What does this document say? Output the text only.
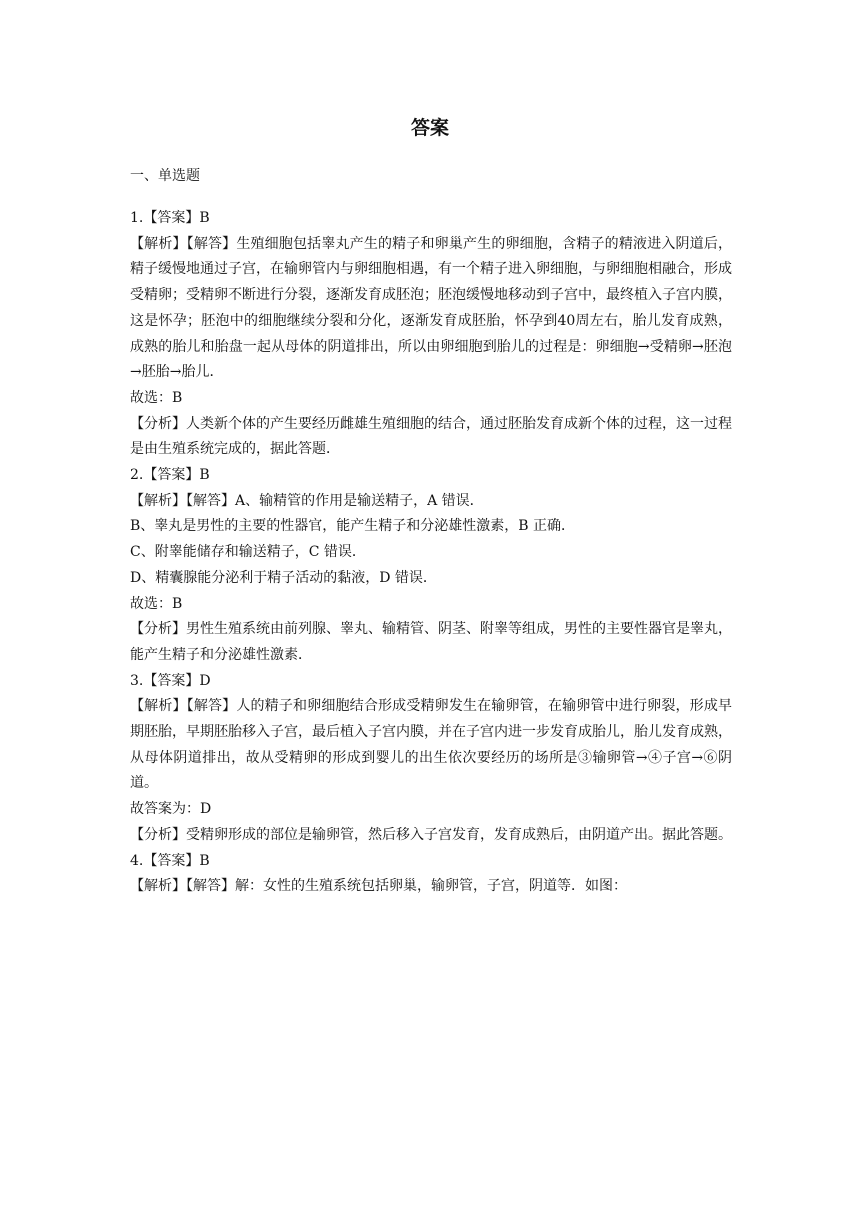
答案
一、单选题

1.【答案】B

【解析】【解答】生殖细胞包括睾丸产生的精子和卵巢产生的卵细胞，含精子的精液进入阴道后，精子缓慢地通过子宫，在输卵管内与卵细胞相遇，有一个精子进入卵细胞，与卵细胞相融合，形成受精卵；受精卵不断进行分裂，逐渐发育成胚泡；胚泡缓慢地移动到子宫中，最终植入子宫内膜，这是怀孕；胚泡中的细胞继续分裂和分化，逐渐发育成胚胎，怀孕到40周左右，胎儿发育成熟，成熟的胎儿和胎盘一起从母体的阴道排出，所以由卵细胞到胎儿的过程是：卵细胞→受精卵→胚泡→胚胎→胎儿．

故选：B

【分析】人类新个体的产生要经历雌雄生殖细胞的结合，通过胚胎发育成新个体的过程，这一过程是由生殖系统完成的，据此答题．

2.【答案】B

【解析】【解答】A、输精管的作用是输送精子，A 错误．

B、睾丸是男性的主要的性器官，能产生精子和分泌雄性激素，B 正确．

C、附睾能储存和输送精子，C 错误．

D、精囊腺能分泌利于精子活动的黏液，D 错误．

故选：B

【分析】男性生殖系统由前列腺、睾丸、输精管、阴茎、附睾等组成，男性的主要性器官是睾丸，能产生精子和分泌雄性激素．

3.【答案】D

【解析】【解答】人的精子和卵细胞结合形成受精卵发生在输卵管，在输卵管中进行卵裂，形成早期胚胎，早期胚胎移入子宫，最后植入子宫内膜，并在子宫内进一步发育成胎儿，胎儿发育成熟，从母体阴道排出，故从受精卵的形成到婴儿的出生依次要经历的场所是③输卵管→④子宫→⑥阴道。

故答案为：D

【分析】受精卵形成的部位是输卵管，然后移入子宫发育，发育成熟后，由阴道产出。据此答题。

4.【答案】B

【解析】【解答】解：女性的生殖系统包括卵巢，输卵管，子宫，阴道等．如图：
